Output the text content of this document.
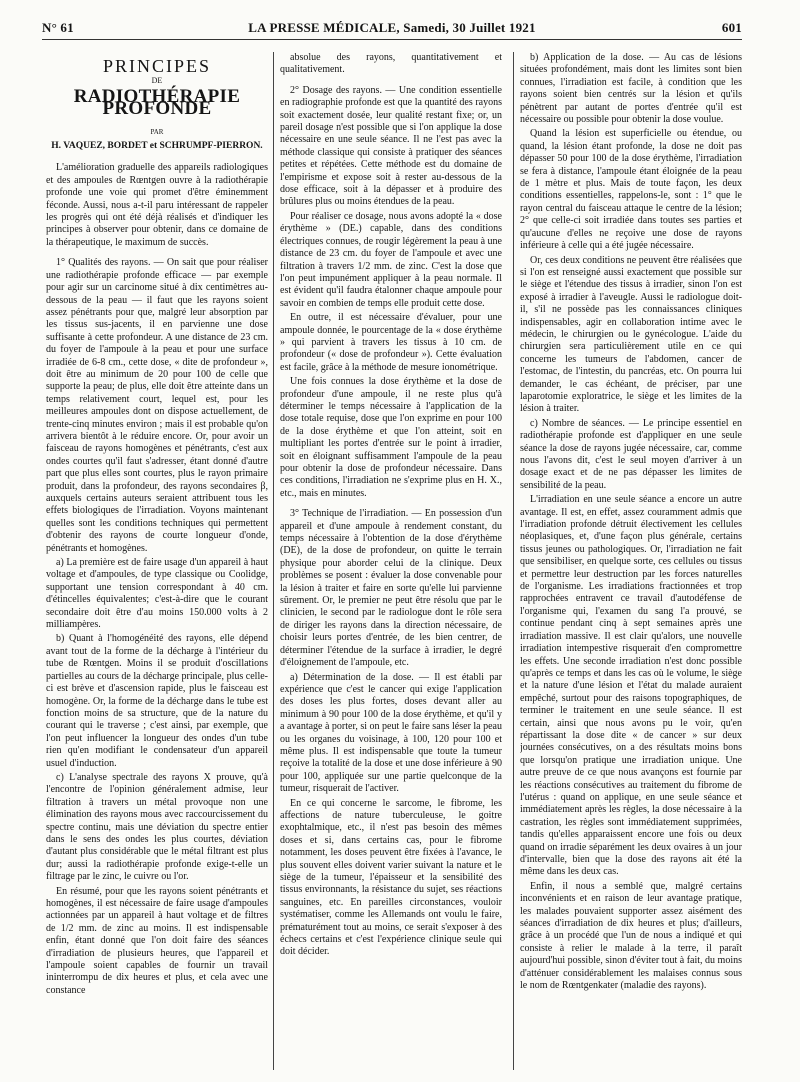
N° 61	LA PRESSE MÉDICALE, Samedi, 30 Juillet 1921	601
PRINCIPES
DE
RADIOTHÉRAPIE PROFONDE
PAR
H. VAQUEZ, BORDET et SCHRUMPF-PIERRON.

L'amélioration graduelle des appareils radiologiques et des ampoules de Rœntgen ouvre à la radiothérapie profonde une voie qui promet d'être éminemment féconde. Aussi, nous a-t-il paru intéressant de rappeler les progrès qui ont été déjà réalisés et d'indiquer les principes à observer pour obtenir, dans ce domaine de la thérapeutique, le maximum de succès.

1° Qualités des rayons. — On sait que pour réaliser une radiothérapie profonde efficace — par exemple pour agir sur un carcinome situé à dix centimètres au-dessous de la peau — il faut que les rayons soient assez pénétrants pour que, malgré leur absorption par les tissus sus-jacents, il en parvienne une dose suffisante à cette profondeur. A une distance de 23 cm. du foyer de l'ampoule à la peau et pour une surface irradiée de 6-8 cm., cette dose, « dite de profondeur », doit être au minimum de 20 pour 100 de celle que supporte la peau; de plus, elle doit être atteinte dans un temps relativement court, lequel est, pour les meilleures ampoules dont on dispose actuellement, de trente-cinq minutes environ ; mais il est probable qu'on arrivera bientôt à le réduire encore. Or, pour avoir un faisceau de rayons homogènes et pénétrants, c'est aux ondes courtes qu'il faut s'adresser, étant donné d'autre part que plus elles sont courtes, plus le rayon primaire produit, dans la profondeur, des rayons secondaires β, auxquels certains auteurs seraient attribuent tous les effets biologiques de l'irradiation. Voyons maintenant quelles sont les conditions techniques qui permettent d'obtenir des rayons de courte longueur d'onde, pénétrants et homogènes.

a) La première est de faire usage d'un appareil à haut voltage et d'ampoules, de type classique ou Coolidge, supportant une tension correspondant à 40 cm. d'étincelles équivalentes; c'est-à-dire que le courant secondaire doit être d'au moins 150.000 volts à 2 milliampères.

b) Quant à l'homogénéité des rayons, elle dépend avant tout de la forme de la décharge à l'intérieur du tube de Rœntgen. Moins il se produit d'oscillations partielles au cours de la décharge principale, plus celle-ci est brève et d'ascension rapide, plus le faisceau est homogène. Or, la forme de la décharge dans le tube est fonction moins de sa structure, que de la nature du courant qui le traverse ; c'est ainsi, par exemple, que l'on peut influencer la longueur des ondes d'un tube rien qu'en modifiant le condensateur d'un appareil usuel d'induction.

c) L'analyse spectrale des rayons X prouve, qu'à l'encontre de l'opinion généralement admise, leur filtration à travers un métal provoque non une élimination des rayons mous avec raccourcissement du spectre continu, mais une déviation du spectre entier dans le sens des ondes les plus courtes, déviation d'autant plus considérable que le métal filtrant est plus dur; aussi la radiothérapie profonde exige-t-elle un filtrage par le zinc, le cuivre ou l'or.

En résumé, pour que les rayons soient pénétrants et homogènes, il est nécessaire de faire usage d'ampoules actionnées par un appareil à haut voltage et de filtres de 1/2 mm. de zinc au moins. Il est indispensable enfin, étant donné que l'on doit faire des séances d'irradiation de plusieurs heures, que l'appareil et l'ampoule soient capables de fournir un travail ininterrompu de dix heures et plus, et cela avec une constance

absolue des rayons, quantitativement et qualitativement.

2° Dosage des rayons. — Une condition essentielle en radiographie profonde est que la quantité des rayons soit exactement dosée, leur qualité restant fixe; or, un pareil dosage n'est possible que si l'on applique la dose nécessaire en une seule séance. Il ne l'est pas avec la méthode classique qui consiste à pratiquer des séances petites et répétées. Cette méthode est du domaine de l'empirisme et expose soit à rester au-dessous de la dose efficace, soit à la dépasser et à produire des brûlures plus ou moins étendues de la peau.

Pour réaliser ce dosage, nous avons adopté la « dose érythème » (DE.) capable, dans des conditions électriques connues, de rougir légèrement la peau à une distance de 23 cm. du foyer de l'ampoule et avec une filtration à travers 1/2 mm. de zinc. C'est la dose que l'on peut impunément appliquer à la peau normale. Il est évident qu'il faudra étalonner chaque ampoule pour savoir en combien de temps elle produit cette dose.

En outre, il est nécessaire d'évaluer, pour une ampoule donnée, le pourcentage de la « dose érythème » qui parvient à travers les tissus à 10 cm. de profondeur (« dose de profondeur »). Cette évaluation est facile, grâce à la méthode de mesure ionométrique.

Une fois connues la dose érythème et la dose de profondeur d'une ampoule, il ne reste plus qu'à déterminer le temps nécessaire à l'application de la dose totale requise, dose que l'on exprime en pour 100 de la dose érythème et que l'on atteint, soit en multipliant les portes d'entrée sur le point à irradier, soit en éloignant suffisamment l'ampoule de la peau pour obtenir la dose de profondeur nécessaire. Dans ces conditions, l'irradiation ne s'exprime plus en H. X., etc., mais en minutes.

3° Technique de l'irradiation. — En possession d'un appareil et d'une ampoule à rendement constant, du temps nécessaire à l'obtention de la dose d'érythème (DE), de la dose de profondeur, on quitte le terrain physique pour aborder celui de la clinique. Deux problèmes se posent : évaluer la dose convenable pour la lésion à traiter et faire en sorte qu'elle lui parvienne sûrement. Or, le premier ne peut être résolu que par le clinicien, le second par le radiologue dont le rôle sera de diriger les rayons dans la direction nécessaire, de choisir leurs portes d'entrée, de les bien centrer, de déterminer l'étendue de la surface à irradier, le degré d'éloignement de l'ampoule, etc.

a) Détermination de la dose. — Il est établi par expérience que c'est le cancer qui exige l'application des doses les plus fortes, doses devant aller au minimum à 90 pour 100 de la dose érythème, et qu'il y a avantage à porter, si on peut le faire sans léser la peau ou les organes du voisinage, à 100, 120 pour 100 et même plus. Il est indispensable que toute la tumeur reçoive la totalité de la dose et une dose inférieure à 90 pour 100, appliquée sur une partie quelconque de la tumeur, risquerait de l'activer.

En ce qui concerne le sarcome, le fibrome, les affections de nature tuberculeuse, le goitre exophtalmique, etc., il n'est pas besoin des mêmes doses et si, dans certains cas, pour le fibrome notamment, les doses peuvent être fixées à l'avance, le plus souvent elles doivent varier suivant la nature et le siège de la tumeur, l'épaisseur et la sensibilité des tissus environnants, la résistance du sujet, ses réactions sanguines, etc. En pareilles circonstances, vouloir systématiser, comme les Allemands ont voulu le faire, prématurément tout au moins, ce serait s'exposer à des échecs certains et c'est l'expérience clinique seule qui doit décider.

b) Application de la dose. — Au cas de lésions situées profondément, mais dont les limites sont bien connues, l'irradiation est facile, à condition que les rayons soient bien centrés sur la lésion et qu'ils pénètrent par autant de portes d'entrée qu'il est nécessaire ou possible pour obtenir la dose voulue.

Quand la lésion est superficielle ou étendue, ou quand, la lésion étant profonde, la dose ne doit pas dépasser 50 pour 100 de la dose érythème, l'irradiation se fera à distance, l'ampoule étant éloignée de la peau de 1 mètre et plus. Mais de toute façon, les deux conditions essentielles, rappelons-le, sont : 1° que le rayon central du faisceau attaque le centre de la lésion; 2° que celle-ci soit irradiée dans toutes ses parties et qu'aucune d'elles ne reçoive une dose de rayons inférieure à celle qui a été jugée nécessaire.

Or, ces deux conditions ne peuvent être réalisées que si l'on est renseigné aussi exactement que possible sur le siège et l'étendue des tissus à irradier, sinon l'on est exposé à irradier à l'aveugle. Aussi le radiologue doit-il, s'il ne possède pas les connaissances cliniques indispensables, agir en collaboration intime avec le médecin, le chirurgien ou le gynécologue. L'aide du chirurgien sera particulièrement utile en ce qui concerne les tumeurs de l'abdomen, cancer de l'estomac, de l'intestin, du pancréas, etc. On pourra lui demander, le cas échéant, de préciser, par une laparotomie exploratrice, le siège et les limites de la lésion à traiter.

c) Nombre de séances. — Le principe essentiel en radiothérapie profonde est d'appliquer en une seule séance la dose de rayons jugée nécessaire, car, comme nous l'avons dit, c'est le seul moyen d'arriver à un dosage exact et de ne pas dépasser les limites de sensibilité de la peau.

L'irradiation en une seule séance a encore un autre avantage. Il est, en effet, assez couramment admis que l'irradiation profonde détruit électivement les cellules néoplasiques, et, d'une façon plus générale, certains tissus jeunes ou pathologiques. Or, l'irradiation ne fait que sensibiliser, en quelque sorte, ces cellules ou tissus et permettre leur destruction par les forces naturelles de l'organisme. Les irradiations fractionnées et trop rapprochées entravent ce travail d'autodéfense de l'organisme qui, l'examen du sang l'a prouvé, se continue pendant cinq à sept semaines après une irradiation massive. Il est clair qu'alors, une nouvelle irradiation intempestive risquerait d'en compromettre les effets. Une seconde irradiation n'est donc possible qu'après ce temps et dans les cas où le volume, le siège et la nature d'une lésion et l'état du malade auraient empêché, surtout pour des raisons topographiques, de terminer le traitement en une seule séance. Il est certain, ainsi que nous avons pu le voir, qu'en répartissant la dose dite « de cancer » sur deux journées consécutives, on a des résultats moins bons que lorsqu'on pratique une irradiation unique. Une autre preuve de ce que nous avançons est fournie par les réactions consécutives au traitement du fibrome de l'utérus : quand on applique, en une seule séance et immédiatement après les règles, la dose nécessaire à la castration, les règles sont immédiatement supprimées, tandis qu'elles apparaissent encore une fois ou deux quand on irradie séparément les deux ovaires à un jour d'intervalle, bien que la dose des rayons ait été la même dans les deux cas.

Enfin, il nous a semblé que, malgré certains inconvénients et en raison de leur avantage pratique, les malades pouvaient supporter assez aisément des séances d'irradiation de dix heures et plus; d'ailleurs, grâce à un procédé que l'un de nous a indiqué et qui consiste à relier le malade à la terre, il paraît aujourd'hui possible, sinon d'éviter tout à fait, du moins d'atténuer considérablement les malaises connus sous le nom de Rœntgenkater (maladie des rayons).
